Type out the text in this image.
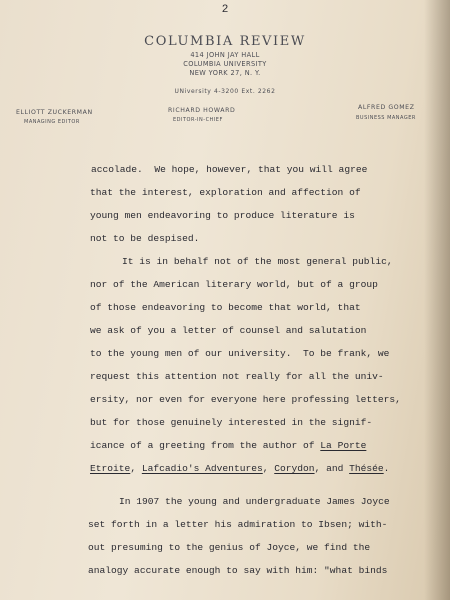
2
COLUMBIA REVIEW
414 JOHN JAY HALL
COLUMBIA UNIVERSITY
NEW YORK 27, N. Y.
UNiversity 4-3200 Ext. 2262
ELLIOTT ZUCKERMAN
MANAGING EDITOR
RICHARD HOWARD
EDITOR-IN-CHIEF
ALFRED GOMEZ
BUSINESS MANAGER
accolade.  We hope, however, that you will agree
that the interest, exploration and affection of
young men endeavoring to produce literature is
not to be despised.
It is in behalf not of the most general public,
nor of the American literary world, but of a group
of those endeavoring to become that world, that
we ask of you a letter of counsel and salutation
to the young men of our university.  To be frank, we
request this attention not really for all the univ-
ersity, nor even for everyone here professing letters,
but for those genuinely interested in the signif-
icance of a greeting from the author of La Porte
Etroite, Lafcadio's Adventures, Corydon, and Thésée.
In 1907 the young and undergraduate James Joyce
set forth in a letter his admiration to Ibsen; with-
out presuming to the genius of Joyce, we find the
analogy accurate enough to say with him: "what binds
